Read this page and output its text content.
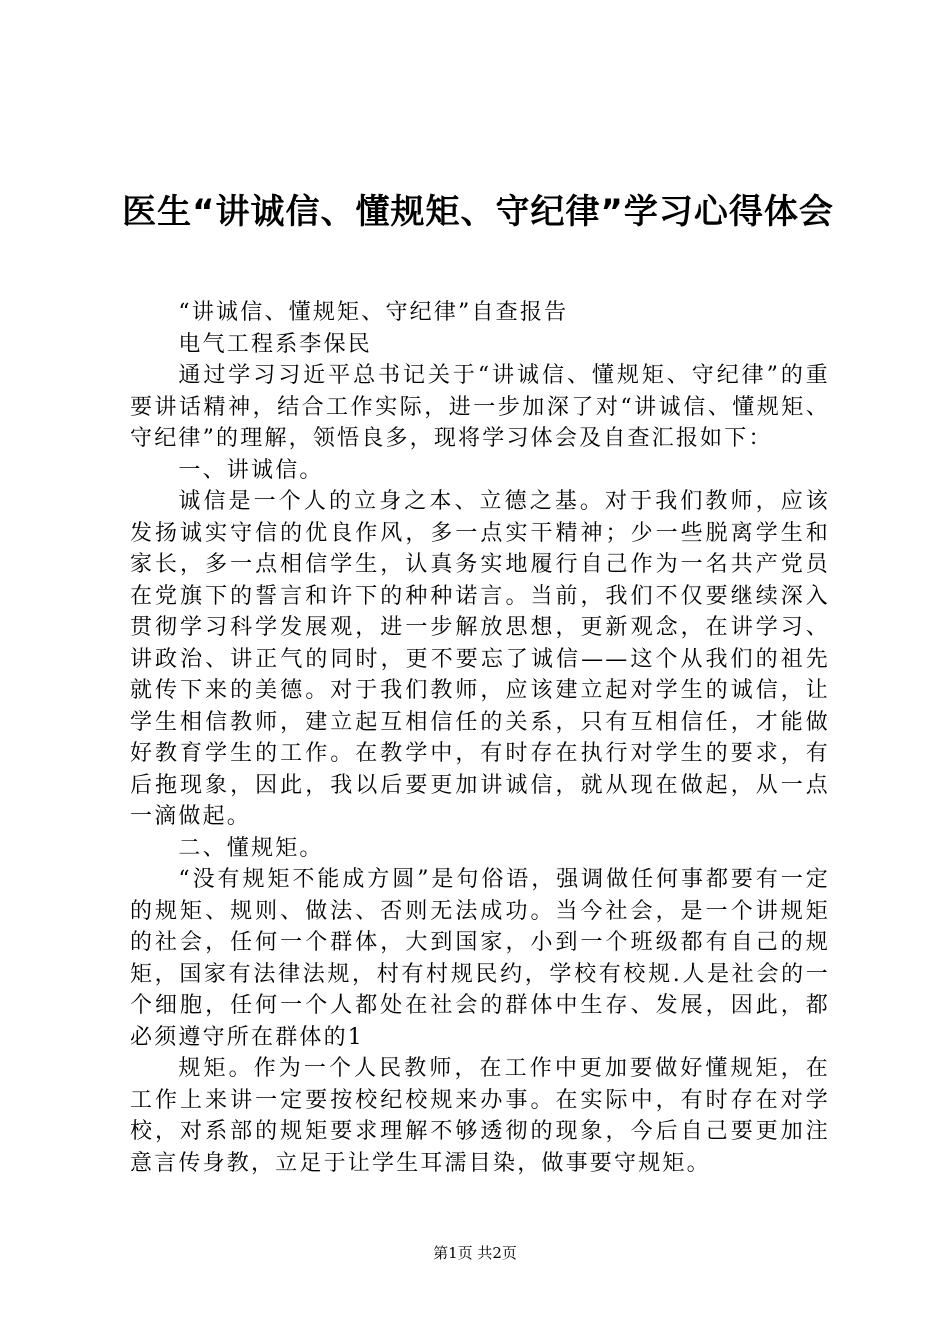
医生“讲诚信、懂规矩、守纪律”学习心得体会

“讲诚信、懂规矩、守纪律”自查报告

电气工程系李保民

通过学习习近平总书记关于“讲诚信、懂规矩、守纪律”的重要讲话精神，结合工作实际，进一步加深了对“讲诚信、懂规矩、守纪律”的理解，领悟良多，现将学习体会及自查汇报如下：

一、讲诚信。

诚信是一个人的立身之本、立德之基。对于我们教师，应该发扬诚实守信的优良作风，多一点实干精神；少一些脱离学生和家长，多一点相信学生，认真务实地履行自己作为一名共产党员在党旗下的誓言和许下的种种诺言。当前，我们不仅要继续深入贯彻学习科学发展观，进一步解放思想，更新观念，在讲学习、讲政治、讲正气的同时，更不要忘了诚信——这个从我们的祖先就传下来的美德。对于我们教师，应该建立起对学生的诚信，让学生相信教师，建立起互相信任的关系，只有互相信任，才能做好教育学生的工作。在教学中，有时存在执行对学生的要求，有后拖现象，因此，我以后要更加讲诚信，就从现在做起，从一点一滴做起。

二、懂规矩。

“没有规矩不能成方圆”是句俗语，强调做任何事都要有一定的规矩、规则、做法、否则无法成功。当今社会，是一个讲规矩的社会，任何一个群体，大到国家，小到一个班级都有自己的规矩，国家有法律法规，村有村规民约，学校有校规.人是社会的一个细胞，任何一个人都处在社会的群体中生存、发展，因此，都必须遵守所在群体的1

规矩。作为一个人民教师，在工作中更加要做好懂规矩，在工作上来讲一定要按校纪校规来办事。在实际中，有时存在对学校，对系部的规矩要求理解不够透彻的现象，今后自己要更加注意言传身教，立足于让学生耳濡目染，做事要守规矩。

第1页 共2页
